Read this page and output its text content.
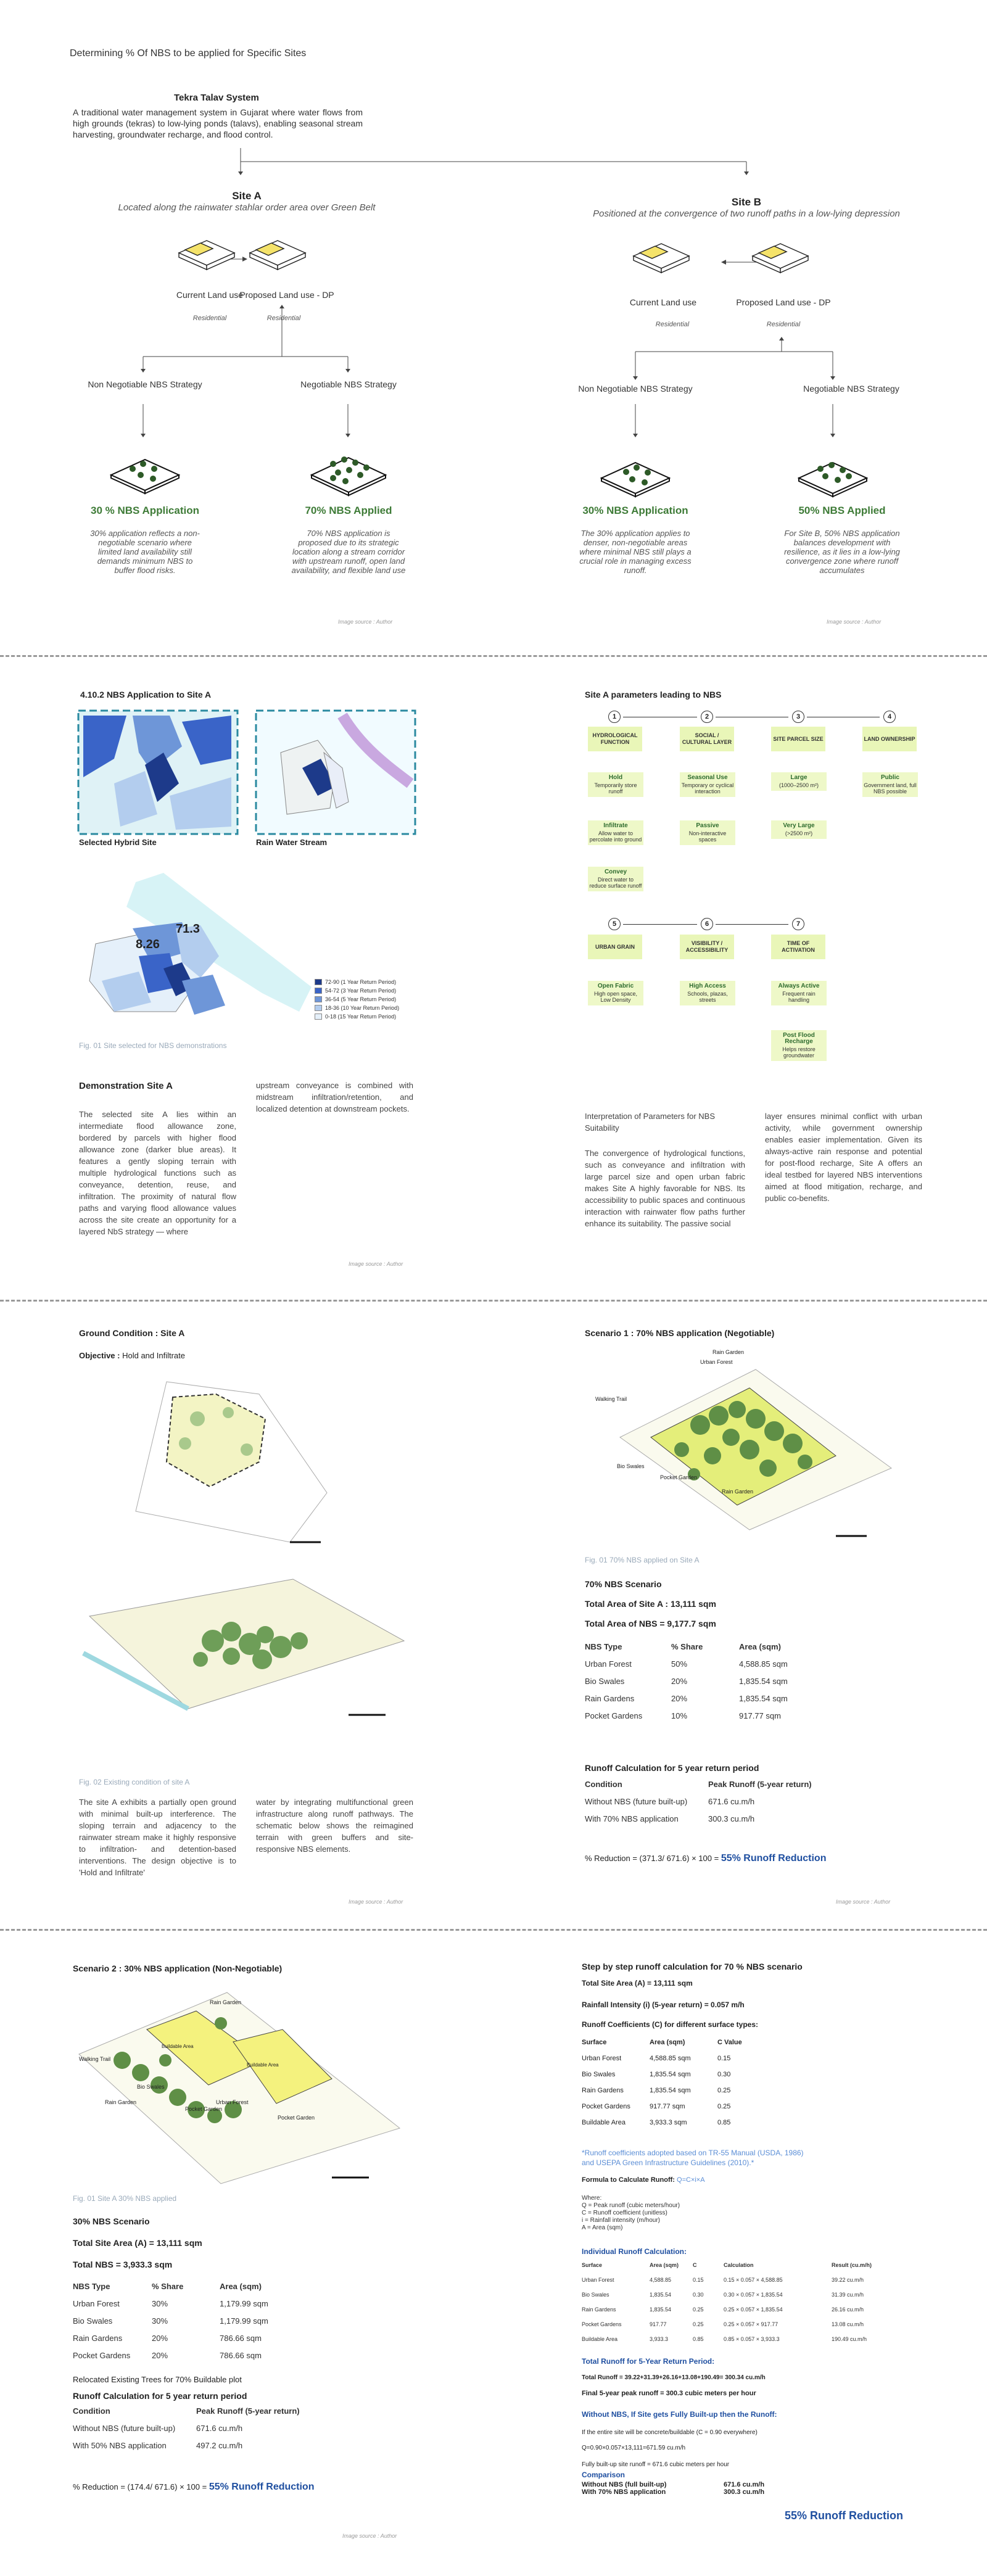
Determining % Of NBS to be applied for Specific Sites
Tekra Talav System
A traditional water management system in Gujarat where water flows from high grounds (tekras) to low-lying ponds (talavs), enabling seasonal stream harvesting, groundwater recharge, and flood control.
Site A
Located along the rainwater stahlar order area over Green Belt
Current Land use
Proposed Land use - DP
Residential	Residential
Non Negotiable NBS Strategy	Negotiable NBS Strategy
30 % NBS Application	70% NBS Applied
30% application reflects a non-negotiable scenario where limited land availability still demands minimum NBS to buffer flood risks.
70% NBS application is proposed due to its strategic location along a stream corridor with upstream runoff, open land availability, and flexible land use
Image source : Author
Site B
Positioned at the convergence of two runoff paths in a low-lying depression
Current Land use	Proposed Land use - DP
Residential	Residential
Non Negotiable NBS Strategy	Negotiable NBS Strategy
30% NBS Application	50% NBS Applied
The 30% application applies to denser, non-negotiable areas where minimal NBS still plays a crucial role in managing excess runoff.
For Site B, 50% NBS application balances development with resilience, as it lies in a low-lying convergence zone where runoff accumulates
Image source : Author
4.10.2 NBS Application to Site A
Selected Hybrid Site	Rain Water Stream
8.26
71.3
72-90 (1 Year Return Period)
54-72 (3 Year Return Period)
36-54 (5 Year Return Period)
18-36 (10 Year Return Period)
0-18 (15 Year Return Period)
Fig. 01 Site selected for NBS demonstrations
Demonstration Site A
The selected site A lies within an intermediate flood allowance zone, bordered by parcels with higher flood allowance zone (darker blue areas). It features a gently sloping terrain with multiple hydrological functions such as conveyance, detention, reuse, and infiltration. The proximity of natural flow paths and varying flood allowance values across the site create an opportunity for a layered NbS strategy — where
upstream conveyance is combined with midstream infiltration/retention, and localized detention at downstream pockets.
Image source : Author
Site A parameters leading to NBS
1
HYDROLOGICAL FUNCTION
2
SOCIAL / CULTURAL LAYER
3
SITE PARCEL SIZE
4
LAND OWNERSHIP
5
URBAN GRAIN
6
VISIBILITY / ACCESSIBILITY
7
TIME OF ACTIVATION
Hold
Temporarily store runoff
Infiltrate
Allow water to percolate into ground
Convey
Direct water to reduce surface runoff
Seasonal Use
Temporary or cyclical interaction
Passive
Non-interactive spaces
Large
(1000–2500 m²)
Very Large
(>2500 m²)
Public
Government land, full NBS possible
Open Fabric
High open space, Low Density
High Access
Schools, plazas, streets
Always Active
Frequent rain handling
Post Flood Recharge
Helps restore groundwater
Interpretation of Parameters for NBS Suitability
The convergence of hydrological functions, such as conveyance and infiltration with large parcel size and open urban fabric makes Site A highly favorable for NBS. Its accessibility to public spaces and continuous interaction with rainwater flow paths further enhance its suitability. The passive social
layer ensures minimal conflict with urban activity, while government ownership enables easier implementation. Given its always-active rain response and potential for post-flood recharge, Site A offers an ideal testbed for layered NBS interventions aimed at flood mitigation, recharge, and public co-benefits.
Ground Condition : Site A
Objective : Hold and Infiltrate
Fig. 02 Existing condition of site A
The site A exhibits a partially open ground with minimal built-up interference. The sloping terrain and adjacency to the rainwater stream make it highly responsive to infiltration- and detention-based interventions. The design objective is to 'Hold and Infiltrate'
water by integrating multifunctional green infrastructure along runoff pathways. The schematic below shows the reimagined terrain with green buffers and site-responsive NBS elements.
Image source : Author
Scenario 1 : 70% NBS application (Negotiable)
Rain Garden
Urban Forest
Walking Trail
Bio Swales
Pocket Garden
Rain Garden
Fig. 01 70% NBS applied on Site A
70% NBS Scenario
Total Area of Site A : 13,111 sqm
Total Area of NBS = 9,177.7 sqm
NBS Type	% Share	Area (sqm)
Urban Forest	50%	4,588.85 sqm
Bio Swales	20%	1,835.54 sqm
Rain Gardens	20%	1,835.54 sqm
Pocket Gardens	10%	917.77 sqm
Runoff Calculation for 5 year return period
Condition	Peak Runoff (5-year return)
Without NBS (future built-up)	671.6 cu.m/h
With 70% NBS application	300.3 cu.m/h
% Reduction = (371.3/ 671.6) × 100 = 55% Runoff Reduction
Image source : Author
Scenario 2 : 30% NBS application (Non-Negotiable)
Rain Garden
Walking Trail
Bio Swales
Rain Garden	Urban Forest
Pocket Garden
Pocket Garden
Buildable Area
Buildable Area
Fig. 01 Site A 30% NBS applied
30% NBS Scenario
Total Site Area (A) = 13,111 sqm
Total NBS = 3,933.3 sqm
NBS Type	% Share	Area (sqm)
Urban Forest	30%	1,179.99 sqm
Bio Swales	30%	1,179.99 sqm
Rain Gardens	20%	786.66 sqm
Pocket Gardens	20%	786.66 sqm
Relocated Existing Trees for 70% Buildable plot
Runoff Calculation for 5 year return period
Condition	Peak Runoff (5-year return)
Without NBS (future built-up)	671.6 cu.m/h
With 50% NBS application	497.2 cu.m/h
% Reduction = (174.4/ 671.6) × 100 = 55% Runoff Reduction
Image source : Author
Step by step runoff calculation for 70 % NBS scenario
Total Site Area (A) = 13,111 sqm
Rainfall Intensity (i) (5-year return) = 0.057 m/h
Runoff Coefficients (C) for different surface types:
Surface	Area (sqm)	C Value
Urban Forest	4,588.85 sqm	0.15
Bio Swales	1,835.54 sqm	0.30
Rain Gardens	1,835.54 sqm	0.25
Pocket Gardens	917.77 sqm	0.25
Buildable Area	3,933.3 sqm	0.85
*Runoff coefficients adopted based on TR-55 Manual (USDA, 1986) and USEPA Green Infrastructure Guidelines (2010).*
Formula to Calculate Runoff: Q=C×i×A
Where:
Q = Peak runoff (cubic meters/hour)
C = Runoff coefficient (unitless)
i = Rainfall intensity (m/hour)
A = Area (sqm)
Individual Runoff Calculation:
Surface	Area (sqm)	C	Calculation	Result (cu.m/h)
Urban Forest	4,588.85	0.15	0.15 × 0.057 × 4,588.85	39.22 cu.m/h
Bio Swales	1,835.54	0.30	0.30 × 0.057 × 1,835.54	31.39 cu.m/h
Rain Gardens	1,835.54	0.25	0.25 × 0.057 × 1,835.54	26.16 cu.m/h
Pocket Gardens	917.77	0.25	0.25 × 0.057 × 917.77	13.08 cu.m/h
Buildable Area	3,933.3	0.85	0.85 × 0.057 × 3,933.3	190.49 cu.m/h
Total Runoff for 5-Year Return Period:
Total Runoff = 39.22+31.39+26.16+13.08+190.49= 300.34 cu.m/h
Final 5-year peak runoff = 300.3 cubic meters per hour
Without NBS, If Site gets Fully Built-up then the Runoff:
If the entire site will be concrete/buildable (C = 0.90 everywhere)
Q=0.90×0.057×13,111=671.59 cu.m/h
Fully built-up site runoff = 671.6 cubic meters per hour
Comparison
Without NBS (full built-up)	671.6 cu.m/h
With 70% NBS application	300.3 cu.m/h
55% Runoff Reduction
